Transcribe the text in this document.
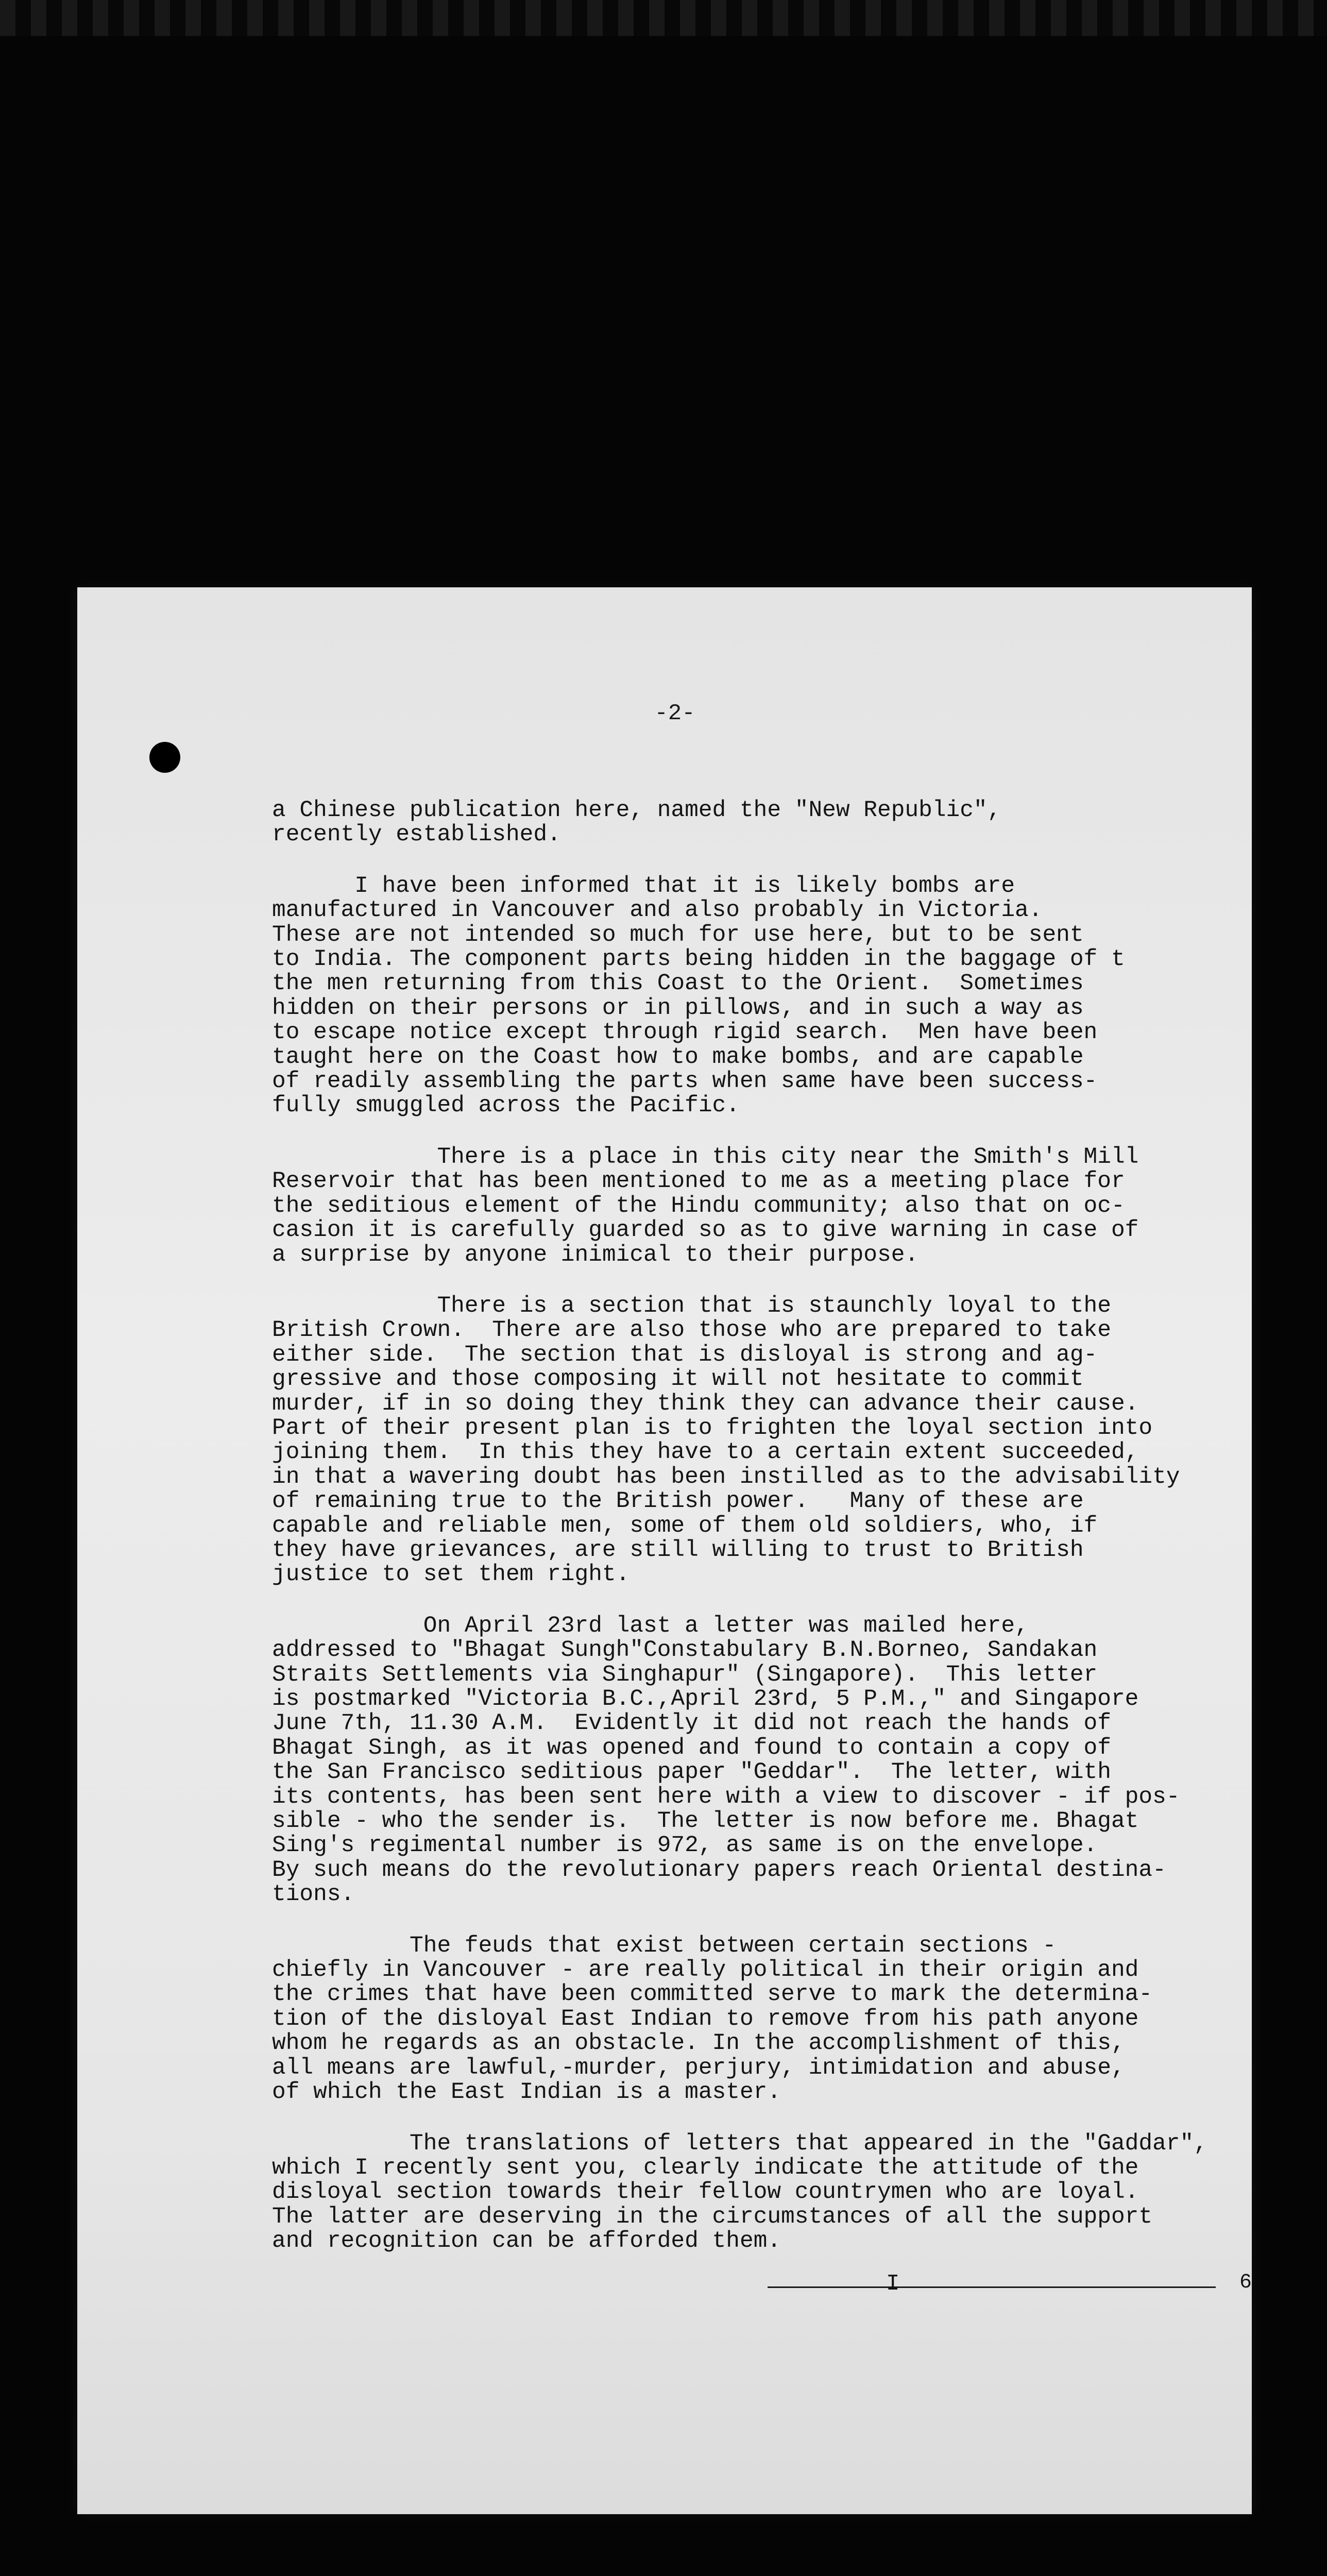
-2-

a Chinese publication here, named the "New Republic",
recently established.

I have been informed that it is likely bombs are
manufactured in Vancouver and also probably in Victoria.
These are not intended so much for use here, but to be sent
to India. The component parts being hidden in the baggage of t
the men returning from this Coast to the Orient.  Sometimes
hidden on their persons or in pillows, and in such a way as
to escape notice except through rigid search.  Men have been
taught here on the Coast how to make bombs, and are capable
of readily assembling the parts when same have been success-
fully smuggled across the Pacific.

There is a place in this city near the Smith's Mill
Reservoir that has been mentioned to me as a meeting place for
the seditious element of the Hindu community; also that on oc-
casion it is carefully guarded so as to give warning in case of
a surprise by anyone inimical to their purpose.

There is a section that is staunchly loyal to the
British Crown.  There are also those who are prepared to take
either side.  The section that is disloyal is strong and ag-
gressive and those composing it will not hesitate to commit
murder, if in so doing they think they can advance their cause.
Part of their present plan is to frighten the loyal section into
joining them.  In this they have to a certain extent succeeded,
in that a wavering doubt has been instilled as to the advisability
of remaining true to the British power.   Many of these are
capable and reliable men, some of them old soldiers, who, if
they have grievances, are still willing to trust to British
justice to set them right.

On April 23rd last a letter was mailed here,
addressed to "Bhagat Sungh"Constabulary B.N.Borneo, Sandakan
Straits Settlements via Singhapur" (Singapore).  This letter
is postmarked "Victoria B.C.,April 23rd, 5 P.M.," and Singapore
June 7th, 11.30 A.M.  Evidently it did not reach the hands of
Bhagat Singh, as it was opened and found to contain a copy of
the San Francisco seditious paper "Geddar".  The letter, with
its contents, has been sent here with a view to discover - if pos-
sible - who the sender is.  The letter is now before me. Bhagat
Sing's regimental number is 972, as same is on the envelope.
By such means do the revolutionary papers reach Oriental destina-
tions.

The feuds that exist between certain sections -
chiefly in Vancouver - are really political in their origin and
the crimes that have been committed serve to mark the determina-
tion of the disloyal East Indian to remove from his path anyone
whom he regards as an obstacle. In the accomplishment of this,
all means are lawful,-murder, perjury, intimidation and abuse,
of which the East Indian is a master.

The translations of letters that appeared in the "Gaddar",
which I recently sent you, clearly indicate the attitude of the
disloyal section towards their fellow countrymen who are loyal.
The latter are deserving in the circumstances of all the support
and recognition can be afforded them.

I	6
